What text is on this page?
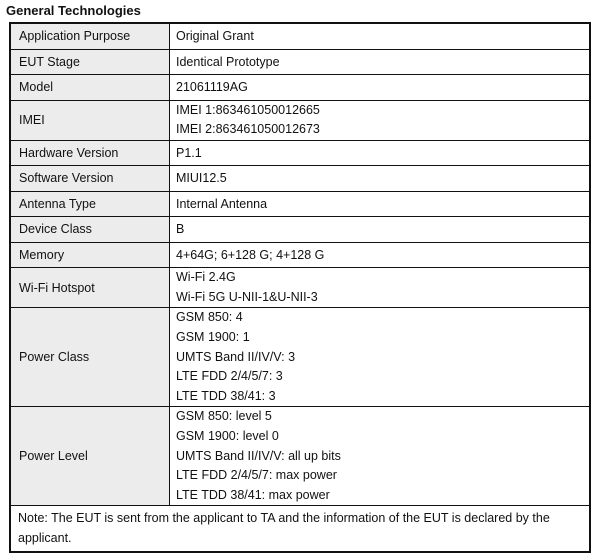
General Technologies
Application Purpose	Original Grant
EUT Stage	Identical Prototype
Model	21061119AG
IMEI	IMEI 1:863461050012665
IMEI 2:863461050012673

Hardware Version	P1.1
Software Version	MIUI12.5
Antenna Type	Internal Antenna
Device Class	B
Memory	4+64G; 6+128 G; 4+128 G
Wi-Fi Hotspot	Wi-Fi 2.4G
Wi-Fi 5G U-NII-1&U-NII-3

Power Class	GSM 850: 4
GSM 1900: 1
UMTS Band II/IV/V: 3
LTE FDD 2/4/5/7: 3
LTE TDD 38/41: 3

Power Level	GSM 850: level 5
GSM 1900: level 0
UMTS Band II/IV/V: all up bits
LTE FDD 2/4/5/7: max power
LTE TDD 38/41: max power

Note: The EUT is sent from the applicant to TA and the information of the EUT is declared by the applicant.	
